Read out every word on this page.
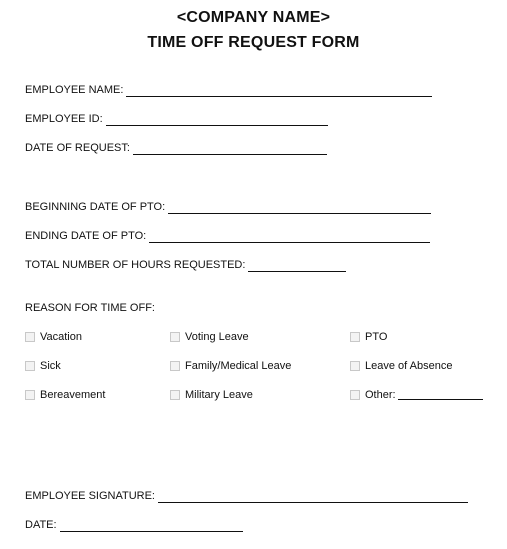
<COMPANY NAME>
TIME OFF REQUEST FORM
EMPLOYEE NAME:
EMPLOYEE ID:
DATE OF REQUEST:
BEGINNING DATE OF PTO:
ENDING DATE OF PTO:
TOTAL NUMBER OF HOURS REQUESTED:
REASON FOR TIME OFF:
Vacation	Voting Leave	PTO
Sick	Family/Medical Leave	Leave of Absence
Bereavement	Military Leave	Other:
EMPLOYEE SIGNATURE:
DATE:
